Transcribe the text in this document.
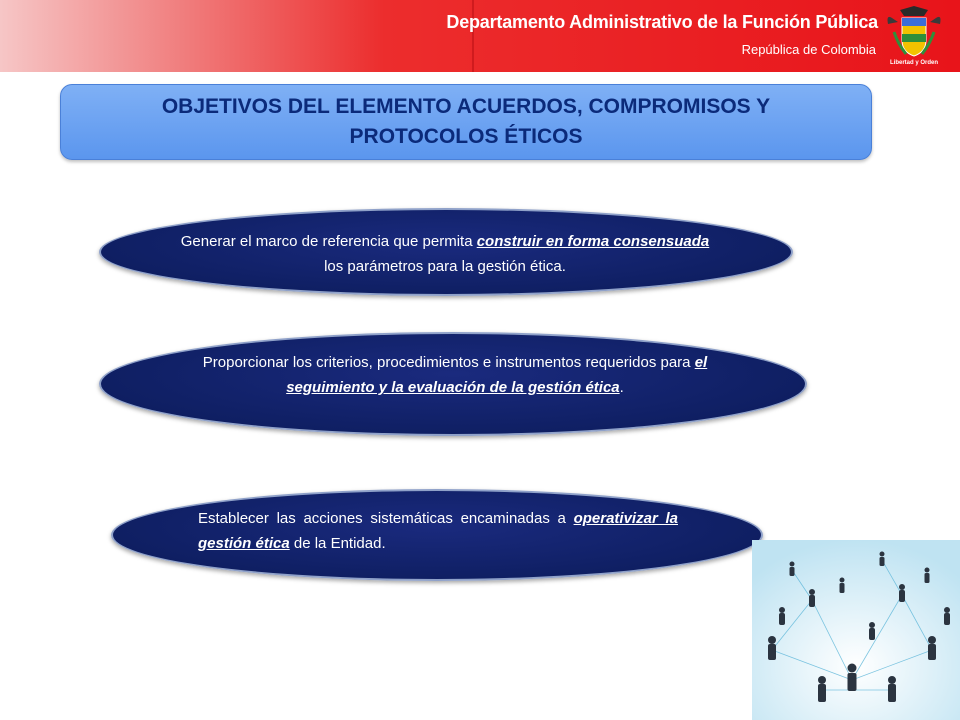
Departamento Administrativo de la Función Pública
República de Colombia
Libertad y Orden
OBJETIVOS DEL ELEMENTO ACUERDOS, COMPROMISOS Y PROTOCOLOS ÉTICOS
Generar el marco de referencia que permita construir en forma consensuada los parámetros para la gestión ética.
Proporcionar los criterios, procedimientos e instrumentos requeridos para el seguimiento y la evaluación de la gestión ética.
Establecer las acciones sistemáticas encaminadas a operativizar la gestión ética de la Entidad.
